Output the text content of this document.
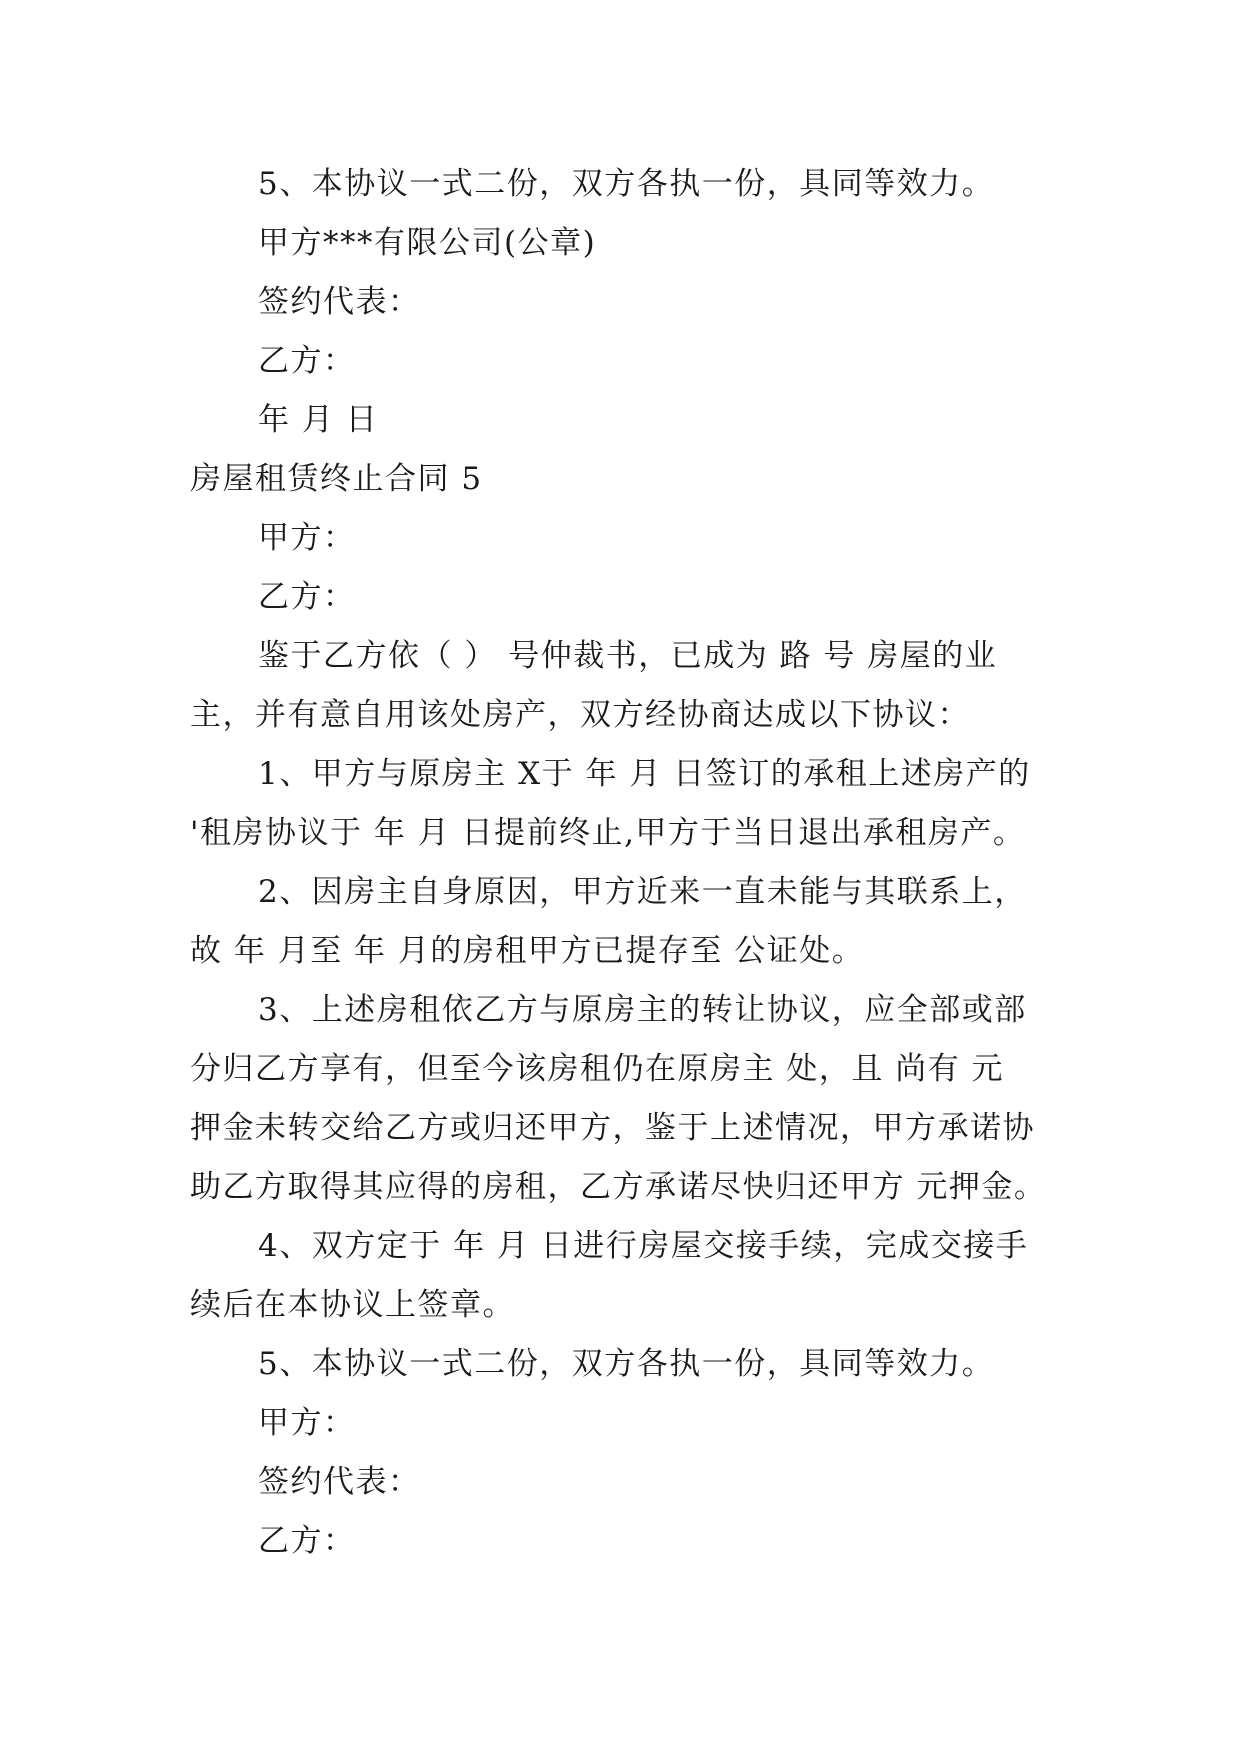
5、本协议一式二份，双方各执一份，具同等效力。
甲方***有限公司(公章)
签约代表：
乙方：
年 月 日
房屋租赁终止合同 5
甲方：
乙方：
鉴于乙方依（ ） 号仲裁书，已成为 路 号 房屋的业
主，并有意自用该处房产，双方经协商达成以下协议：
1、甲方与原房主 X于 年 月 日签订的承租上述房产的
'租房协议于 年 月 日提前终止,甲方于当日退出承租房产。
2、因房主自身原因，甲方近来一直未能与其联系上，
故 年 月至 年 月的房租甲方已提存至 公证处。
3、上述房租依乙方与原房主的转让协议，应全部或部
分归乙方享有，但至今该房租仍在原房主 处，且 尚有 元
押金未转交给乙方或归还甲方，鉴于上述情况，甲方承诺协
助乙方取得其应得的房租，乙方承诺尽快归还甲方 元押金。
4、双方定于 年 月 日进行房屋交接手续，完成交接手
续后在本协议上签章。
5、本协议一式二份，双方各执一份，具同等效力。
甲方：
签约代表：
乙方：
